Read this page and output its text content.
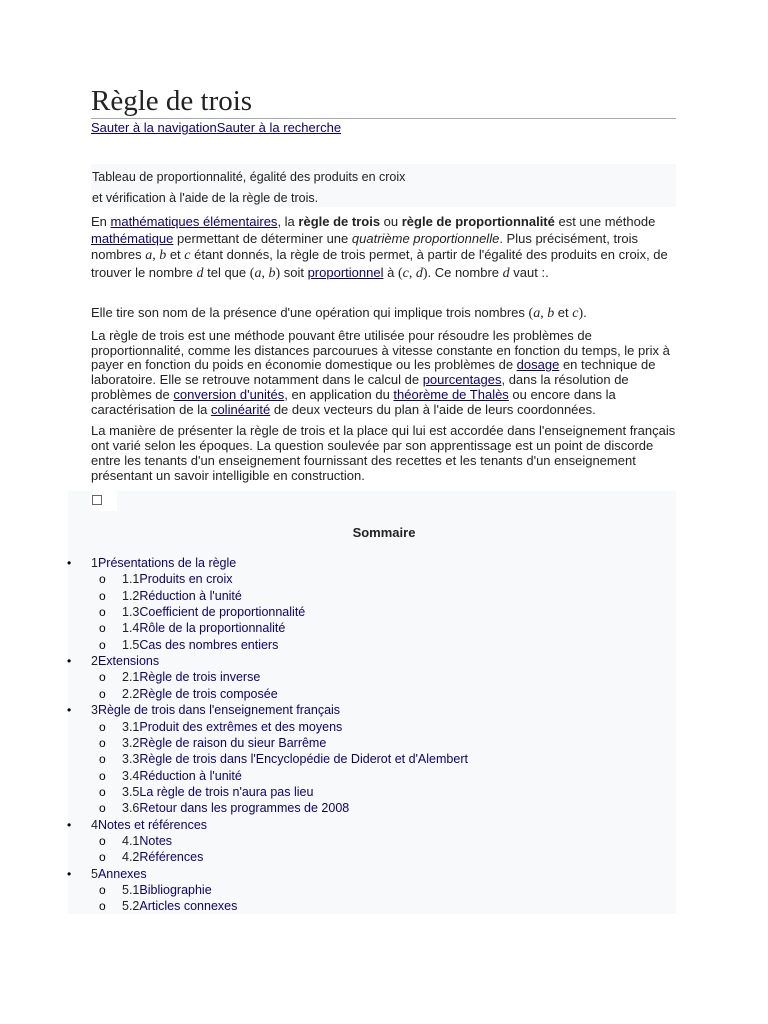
Règle de trois
Sauter à la navigationSauter à la recherche
Tableau de proportionnalité, égalité des produits en croix
et vérification à l'aide de la règle de trois.

En mathématiques élémentaires, la règle de trois ou règle de proportionnalité est une méthode mathématique permettant de déterminer une quatrième proportionnelle. Plus précisément, trois nombres a, b et c étant donnés, la règle de trois permet, à partir de l'égalité des produits en croix, de trouver le nombre d tel que (a, b) soit proportionnel à (c, d). Ce nombre d vaut :.

Elle tire son nom de la présence d'une opération qui implique trois nombres (a, b et c).

La règle de trois est une méthode pouvant être utilisée pour résoudre les problèmes de proportionnalité, comme les distances parcourues à vitesse constante en fonction du temps, le prix à payer en fonction du poids en économie domestique ou les problèmes de dosage en technique de laboratoire. Elle se retrouve notamment dans le calcul de pourcentages, dans la résolution de problèmes de conversion d'unités, en application du théorème de Thalès ou encore dans la caractérisation de la colinéarité de deux vecteurs du plan à l'aide de leurs coordonnées.

La manière de présenter la règle de trois et la place qui lui est accordée dans l'enseignement français ont varié selon les époques. La question soulevée par son apprentissage est un point de discorde entre les tenants d'un enseignement fournissant des recettes et les tenants d'un enseignement présentant un savoir intelligible en construction.

Sommaire
• 1Présentations de la règle
o 1.1Produits en croix
o 1.2Réduction à l'unité
o 1.3Coefficient de proportionnalité
o 1.4Rôle de la proportionnalité
o 1.5Cas des nombres entiers
• 2Extensions
o 2.1Règle de trois inverse
o 2.2Règle de trois composée
• 3Règle de trois dans l'enseignement français
o 3.1Produit des extrêmes et des moyens
o 3.2Règle de raison du sieur Barrême
o 3.3Règle de trois dans l'Encyclopédie de Diderot et d'Alembert
o 3.4Réduction à l'unité
o 3.5La règle de trois n'aura pas lieu
o 3.6Retour dans les programmes de 2008
• 4Notes et références
o 4.1Notes
o 4.2Références
• 5Annexes
o 5.1Bibliographie
o 5.2Articles connexes
